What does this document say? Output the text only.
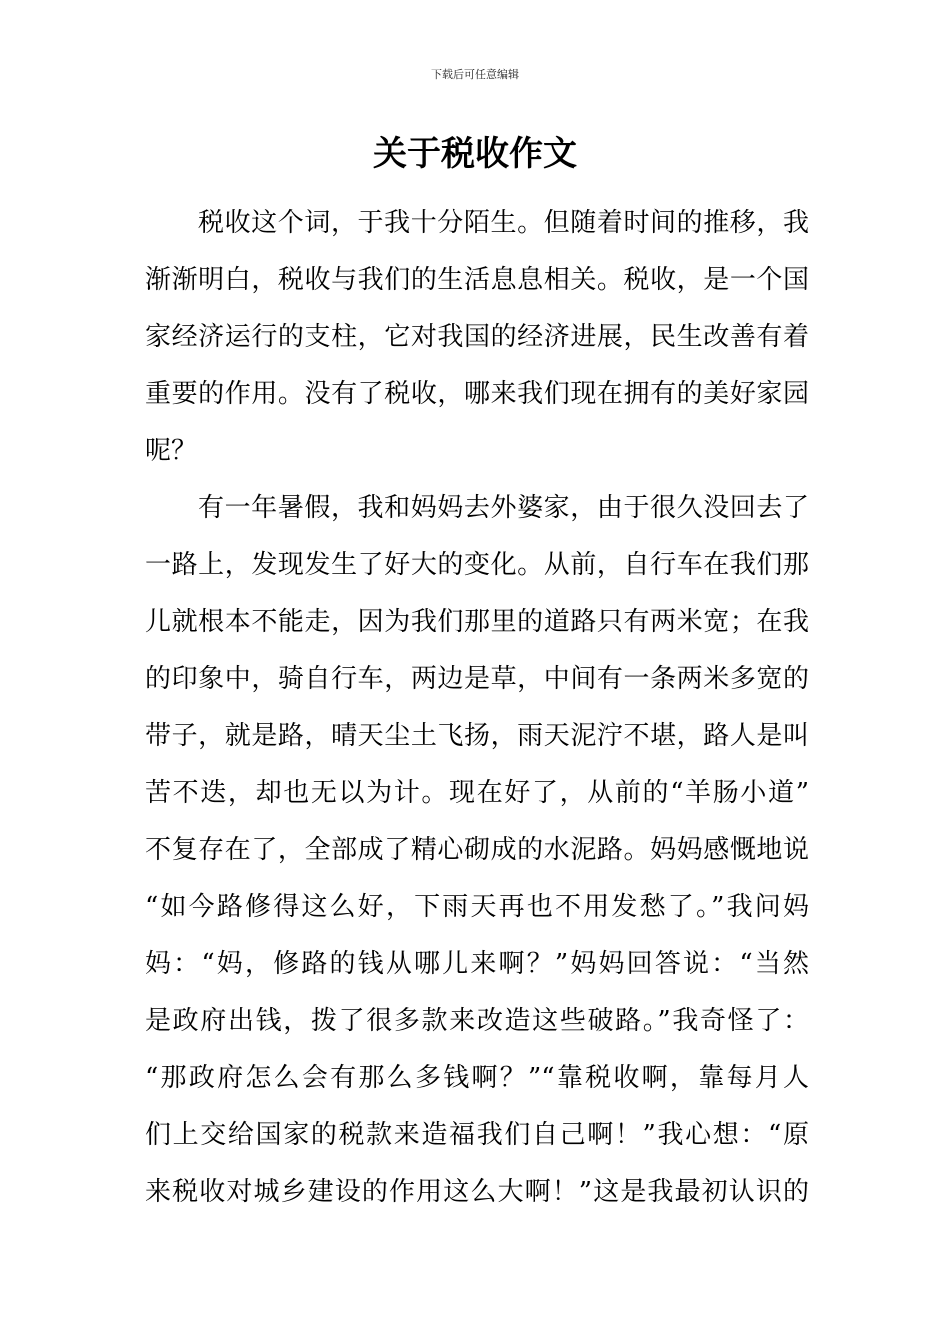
下载后可任意编辑
关于税收作文
税收这个词，于我十分陌生。但随着时间的推移，我
渐渐明白，税收与我们的生活息息相关。税收，是一个国
家经济运行的支柱，它对我国的经济进展，民生改善有着
重要的作用。没有了税收，哪来我们现在拥有的美好家园
呢？
有一年暑假，我和妈妈去外婆家，由于很久没回去了
一路上，发现发生了好大的变化。从前，自行车在我们那
儿就根本不能走，因为我们那里的道路只有两米宽；在我
的印象中，骑自行车，两边是草，中间有一条两米多宽的
带子，就是路，晴天尘土飞扬，雨天泥泞不堪，路人是叫
苦不迭，却也无以为计。现在好了，从前的“羊肠小道”
不复存在了，全部成了精心砌成的水泥路。妈妈感慨地说
“如今路修得这么好，下雨天再也不用发愁了。”我问妈
妈：“妈，修路的钱从哪儿来啊？”妈妈回答说：“当然
是政府出钱，拨了很多款来改造这些破路。”我奇怪了：
“那政府怎么会有那么多钱啊？”“靠税收啊，靠每月人
们上交给国家的税款来造福我们自己啊！”我心想：“原
来税收对城乡建设的作用这么大啊！”这是我最初认识的
